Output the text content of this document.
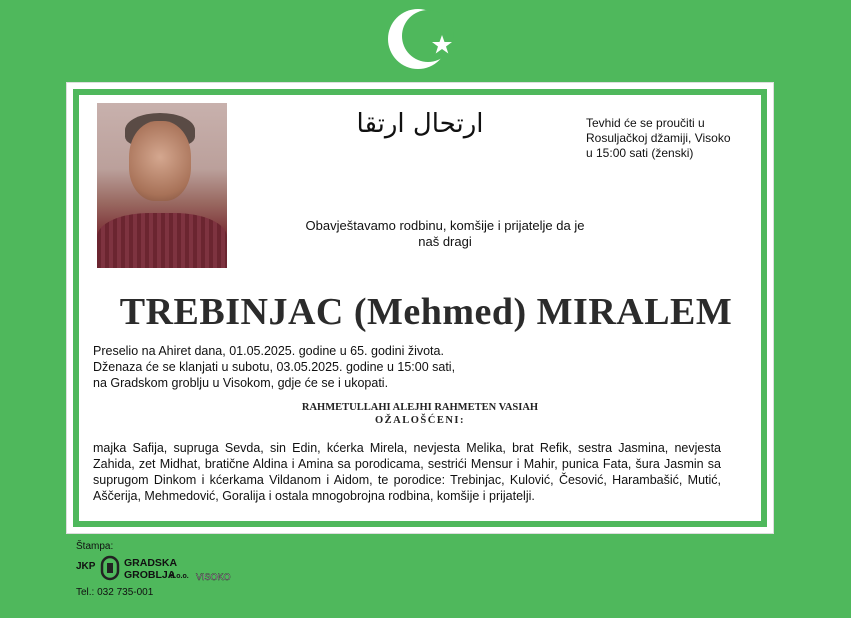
ارتحال ارتقا	Tevhid će se proučiti u
Rosuljačkoj džamiji, Visoko
u 15:00 sati (ženski)
Obavještavamo rodbinu, komšije i prijatelje da je
naš dragi
TREBINJAC (Mehmed) MIRALEM
Preselio na Ahiret dana, 01.05.2025. godine u 65. godini života.
Dženaza će se klanjati u subotu, 03.05.2025. godine u 15:00 sati,
na Gradskom groblju u Visokom, gdje će se i ukopati.
RAHMETULLAHI ALEJHI RAHMETEN VASIAH
OŽALOŠĆENI:
majka Safija, supruga Sevda, sin Edin, kćerka Mirela, nevjesta Melika, brat Refik, sestra Jasmina, nevjesta Zahida, zet Midhat, bratične Aldina i Amina sa porodicama, sestrići Mensur i Mahir, punica Fata, šura Jasmin sa suprugom Dinkom i kćerkama Vildanom i Aidom, te porodice: Trebinjac, Kulović, Česović, Harambašić, Mutić, Aščerija, Mehmedović, Goralija i ostala mnogobrojna rodbina, komšije i prijatelji.
Štampa:
JKP	GRADSKA
GROBLJA
d.o.o. VISOKO
Tel.: 032 735-001
